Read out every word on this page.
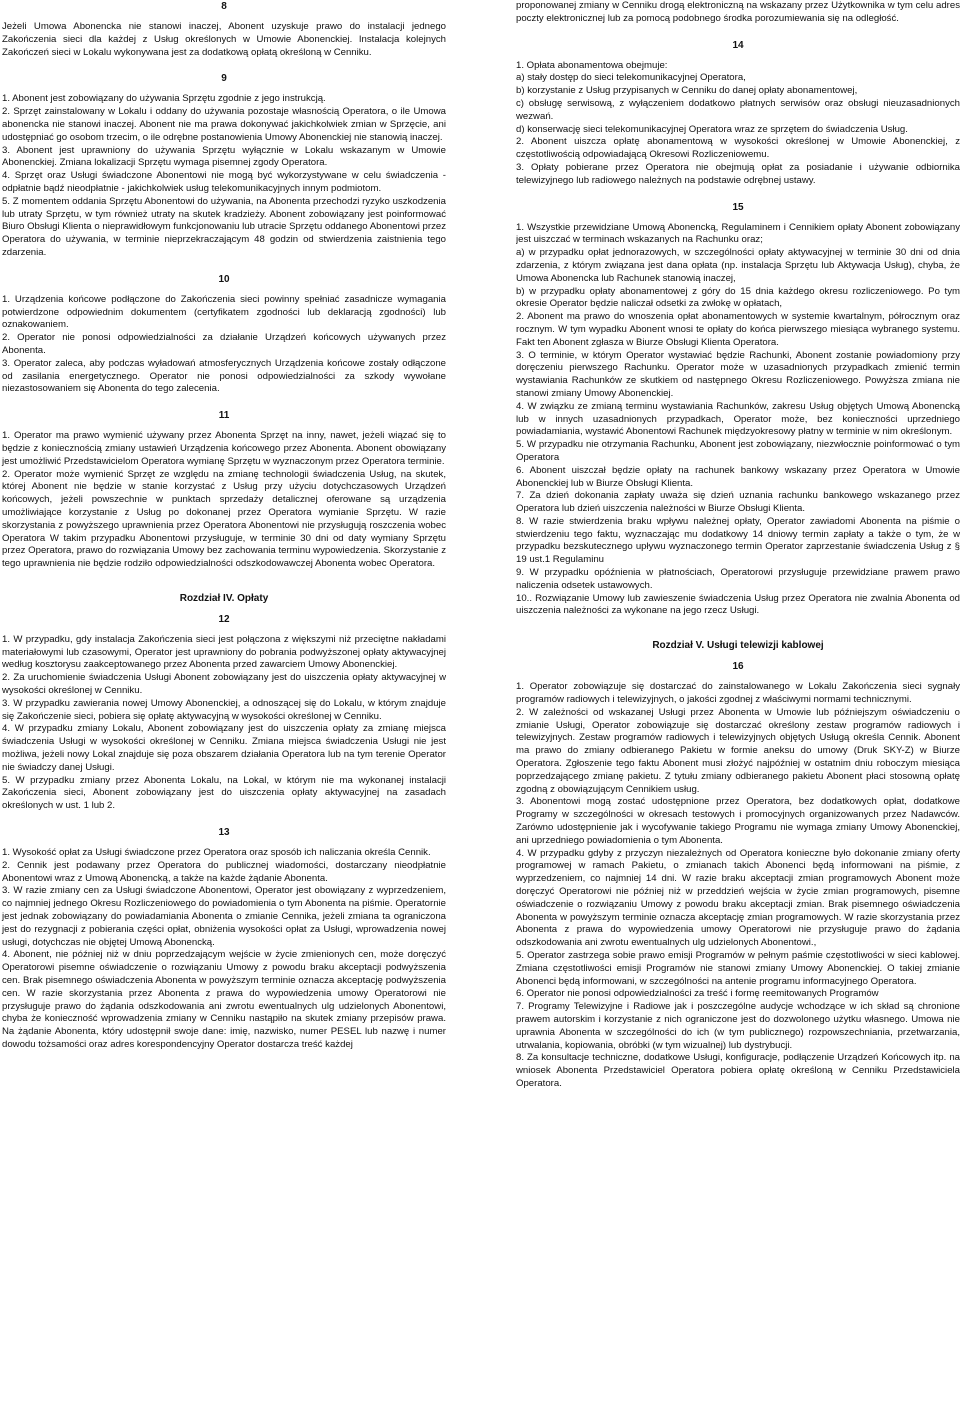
8

Jeżeli Umowa Abonencka nie stanowi inaczej, Abonent uzyskuje prawo do instalacji jednego Zakończenia sieci dla każdej z Usług określonych w Umowie Abonenckiej. Instalacja kolejnych Zakończeń sieci w Lokalu wykonywana jest za dodatkową opłatą określoną w Cenniku.

9

1. Abonent jest zobowiązany do używania Sprzętu zgodnie z jego instrukcją.

2. Sprzęt zainstalowany w Lokalu i oddany do używania pozostaje własnością Operatora, o ile Umowa abonencka nie stanowi inaczej. Abonent nie ma prawa dokonywać jakichkolwiek zmian w Sprzęcie, ani udostępniać go osobom trzecim, o ile odrębne postanowienia Umowy Abonenckiej nie stanowią inaczej.

3. Abonent jest uprawniony do używania Sprzętu wyłącznie w Lokalu wskazanym w Umowie Abonenckiej. Zmiana lokalizacji Sprzętu wymaga pisemnej zgody Operatora.

4. Sprzęt oraz Usługi świadczone Abonentowi nie mogą być wykorzystywane w celu świadczenia - odpłatnie bądź nieodpłatnie - jakichkolwiek usług telekomunikacyjnych innym podmiotom.

5. Z momentem oddania Sprzętu Abonentowi do używania, na Abonenta przechodzi ryzyko uszkodzenia lub utraty Sprzętu, w tym również utraty na skutek kradzieży. Abonent zobowiązany jest poinformować Biuro Obsługi Klienta o nieprawidłowym funkcjonowaniu lub utracie Sprzętu oddanego Abonentowi przez Operatora do używania, w terminie nieprzekraczającym 48 godzin od stwierdzenia zaistnienia tego zdarzenia.

10

1. Urządzenia końcowe podłączone do Zakończenia sieci powinny spełniać zasadnicze wymagania potwierdzone odpowiednim dokumentem (certyfikatem zgodności lub deklaracją zgodności) lub oznakowaniem.

2. Operator nie ponosi odpowiedzialności za działanie Urządzeń końcowych używanych przez Abonenta.

3. Operator zaleca, aby podczas wyładowań atmosferycznych Urządzenia końcowe zostały odłączone od zasilania energetycznego. Operator nie ponosi odpowiedzialności za szkody wywołane niezastosowaniem się Abonenta do tego zalecenia.

11

1. Operator ma prawo wymienić używany przez Abonenta Sprzęt na inny, nawet, jeżeli wiązać się to będzie z koniecznością zmiany ustawień Urządzenia końcowego przez Abonenta. Abonent obowiązany jest umożliwić Przedstawicielom Operatora wymianę Sprzętu w wyznaczonym przez Operatora terminie.

2. Operator może wymienić Sprzęt ze względu na zmianę technologii świadczenia Usług, na skutek, której Abonent nie będzie w stanie korzystać z Usług przy użyciu dotychczasowych Urządzeń końcowych, jeżeli powszechnie w punktach sprzedaży detalicznej oferowane są urządzenia umożliwiające korzystanie z Usług po dokonanej przez Operatora wymianie Sprzętu. W razie skorzystania z powyższego uprawnienia przez Operatora Abonentowi nie przysługują roszczenia wobec Operatora W takim przypadku Abonentowi przysługuje, w terminie 30 dni od daty wymiany Sprzętu przez Operatora, prawo do rozwiązania Umowy bez zachowania terminu wypowiedzenia. Skorzystanie z tego uprawnienia nie będzie rodziło odpowiedzialności odszkodowawczej Abonenta wobec Operatora.

Rozdział IV. Opłaty

12

1. W przypadku, gdy instalacja Zakończenia sieci jest połączona z większymi niż przeciętne nakładami materiałowymi lub czasowymi, Operator jest uprawniony do pobrania podwyższonej opłaty aktywacyjnej według kosztorysu zaakceptowanego przez Abonenta przed zawarciem Umowy Abonenckiej.

2. Za uruchomienie świadczenia Usługi Abonent zobowiązany jest do uiszczenia opłaty aktywacyjnej w wysokości określonej w Cenniku.

3. W przypadku zawierania nowej Umowy Abonenckiej, a odnoszącej się do Lokalu, w którym znajduje się Zakończenie sieci, pobiera się opłatę aktywacyjną w wysokości określonej w Cenniku.

4. W przypadku zmiany Lokalu, Abonent zobowiązany jest do uiszczenia opłaty za zmianę miejsca świadczenia Usługi w wysokości określonej w Cenniku. Zmiana miejsca świadczenia Usługi nie jest możliwa, jeżeli nowy Lokal znajduje się poza obszarem działania Operatora lub na tym terenie Operator nie świadczy danej Usługi.

5. W przypadku zmiany przez Abonenta Lokalu, na Lokal, w którym nie ma wykonanej instalacji Zakończenia sieci, Abonent zobowiązany jest do uiszczenia opłaty aktywacyjnej na zasadach określonych w ust. 1 lub 2.

13

1. Wysokość opłat za Usługi świadczone przez Operatora oraz sposób ich naliczania określa Cennik.

2. Cennik jest podawany przez Operatora do publicznej wiadomości, dostarczany nieodpłatnie Abonentowi wraz z Umową Abonencką, a także na każde żądanie Abonenta.

3. W razie zmiany cen za Usługi świadczone Abonentowi, Operator jest obowiązany z wyprzedzeniem, co najmniej jednego Okresu Rozliczeniowego do powiadomienia o tym Abonenta na piśmie. Operatornie jest jednak zobowiązany do powiadamiania Abonenta o zmianie Cennika, jeżeli zmiana ta ograniczona jest do rezygnacji z pobierania części opłat, obniżenia wysokości opłat za Usługi, wprowadzenia nowej usługi, dotychczas nie objętej Umową Abonencką.

4. Abonent, nie później niż w dniu poprzedzającym wejście w życie zmienionych cen, może doręczyć Operatorowi pisemne oświadczenie o rozwiązaniu Umowy z powodu braku akceptacji podwyższenia cen. Brak pisemnego oświadczenia Abonenta w powyższym terminie oznacza akceptację podwyższenia cen. W razie skorzystania przez Abonenta z prawa do wypowiedzenia umowy Operatorowi nie przysługuje prawo do żądania odszkodowania ani zwrotu ewentualnych ulg udzielonych Abonentowi, chyba że konieczność wprowadzenia zmiany w Cenniku nastąpiło na skutek zmiany przepisów prawa. Na żądanie Abonenta, który udostępnił swoje dane: imię, nazwisko, numer PESEL lub nazwę i numer dowodu tożsamości oraz adres korespondencyjny Operator dostarcza treść każdej

proponowanej zmiany w Cenniku drogą elektroniczną na wskazany przez Użytkownika w tym celu adres poczty elektronicznej lub za pomocą podobnego środka porozumiewania się na odległość.

14

1. Opłata abonamentowa obejmuje:

a) stały dostęp do sieci telekomunikacyjnej Operatora,

b) korzystanie z Usług przypisanych w Cenniku do danej opłaty abonamentowej,

c) obsługę serwisową, z wyłączeniem dodatkowo płatnych serwisów oraz obsługi nieuzasadnionych wezwań.

d) konserwację sieci telekomunikacyjnej Operatora wraz ze sprzętem do świadczenia Usług.

2. Abonent uiszcza opłatę abonamentową w wysokości określonej w Umowie Abonenckiej, z częstotliwością odpowiadającą Okresowi Rozliczeniowemu.

3. Opłaty pobierane przez Operatora nie obejmują opłat za posiadanie i używanie odbiornika telewizyjnego lub radiowego należnych na podstawie odrębnej ustawy.

15

1. Wszystkie przewidziane Umową Abonencką, Regulaminem i Cennikiem opłaty Abonent zobowiązany jest uiszczać w terminach wskazanych na Rachunku oraz;

a) w przypadku opłat jednorazowych, w szczególności opłaty aktywacyjnej w terminie 30 dni od dnia zdarzenia, z którym związana jest dana opłata (np. instalacja Sprzętu lub Aktywacja Usług), chyba, że Umowa Abonencka lub Rachunek stanowią inaczej,

b) w przypadku opłaty abonamentowej z góry do 15 dnia każdego okresu rozliczeniowego. Po tym okresie Operator będzie naliczał odsetki za zwłokę w opłatach,

2. Abonent ma prawo do wnoszenia opłat abonamentowych w systemie kwartalnym, półrocznym oraz rocznym. W tym wypadku Abonent wnosi te opłaty do końca pierwszego miesiąca wybranego systemu. Fakt ten Abonent zgłasza w Biurze Obsługi Klienta Operatora.

3. O terminie, w którym Operator wystawiać będzie Rachunki, Abonent zostanie powiadomiony przy doręczeniu pierwszego Rachunku. Operator może w uzasadnionych przypadkach zmienić termin wystawiania Rachunków ze skutkiem od następnego Okresu Rozliczeniowego. Powyższa zmiana nie stanowi zmiany Umowy Abonenckiej.

4. W związku ze zmianą terminu wystawiania Rachunków, zakresu Usług objętych Umową Abonencką lub w innych uzasadnionych przypadkach, Operator może, bez konieczności uprzedniego powiadamiania, wystawić Abonentowi Rachunek międzyokresowy płatny w terminie w nim określonym.

5. W przypadku nie otrzymania Rachunku, Abonent jest zobowiązany, niezwłocznie poinformować o tym Operatora

6. Abonent uiszczał będzie opłaty na rachunek bankowy wskazany przez Operatora w Umowie Abonenckiej lub w Biurze Obsługi Klienta.

7. Za dzień dokonania zapłaty uważa się dzień uznania rachunku bankowego wskazanego przez Operatora lub dzień uiszczenia należności w Biurze Obsługi Klienta.

8. W razie stwierdzenia braku wpływu należnej opłaty, Operator zawiadomi Abonenta na piśmie o stwierdzeniu tego faktu, wyznaczając mu dodatkowy 14 dniowy termin zapłaty a także o tym, że w przypadku bezskutecznego upływu wyznaczonego termin Operator zaprzestanie świadczenia Usług z § 19 ust.1 Regulaminu

9. W przypadku opóźnienia w płatnościach, Operatorowi przysługuje przewidziane prawem prawo naliczenia odsetek ustawowych.

10.. Rozwiązanie Umowy lub zawieszenie świadczenia Usług przez Operatora nie zwalnia Abonenta od uiszczenia należności za wykonane na jego rzecz Usługi.

Rozdział V. Usługi telewizji kablowej

16

1. Operator zobowiązuje się dostarczać do zainstalowanego w Lokalu Zakończenia sieci sygnały programów radiowych i telewizyjnych, o jakości zgodnej z właściwymi normami technicznymi.

2. W zależności od wskazanej Usługi przez Abonenta w Umowie lub późniejszym oświadczeniu o zmianie Usługi, Operator zobowiązuje się dostarczać określony zestaw programów radiowych i telewizyjnych. Zestaw programów radiowych i telewizyjnych objętych Usługą określa Cennik. Abonent ma prawo do zmiany odbieranego Pakietu w formie aneksu do umowy (Druk SKY-Z) w Biurze Operatora. Zgłoszenie tego faktu Abonent musi złożyć najpóźniej w ostatnim dniu roboczym miesiąca poprzedzającego zmianę pakietu. Z tytułu zmiany odbieranego pakietu Abonent płaci stosowną opłatę zgodną z obowiązującym Cennikiem usług.

3. Abonentowi mogą zostać udostępnione przez Operatora, bez dodatkowych opłat, dodatkowe Programy w szczególności w okresach testowych i promocyjnych organizowanych przez Nadawców. Zarówno udostępnienie jak i wycofywanie takiego Programu nie wymaga zmiany Umowy Abonenckiej, ani uprzedniego powiadomienia o tym Abonenta.

4. W przypadku gdyby z przyczyn niezależnych od Operatora konieczne było dokonanie zmiany oferty programowej w ramach Pakietu, o zmianach takich Abonenci będą informowani na piśmie, z wyprzedzeniem, co najmniej 14 dni. W razie braku akceptacji zmian programowych Abonent może doręczyć Operatorowi nie później niż w przeddzień wejścia w życie zmian programowych, pisemne oświadczenie o rozwiązaniu Umowy z powodu braku akceptacji zmian. Brak pisemnego oświadczenia Abonenta w powyższym terminie oznacza akceptację zmian programowych. W razie skorzystania przez Abonenta z prawa do wypowiedzenia umowy Operatorowi nie przysługuje prawo do żądania odszkodowania ani zwrotu ewentualnych ulg udzielonych Abonentowi.,

5. Operator zastrzega sobie prawo emisji Programów w pełnym paśmie częstotliwości w sieci kablowej. Zmiana częstotliwości emisji Programów nie stanowi zmiany Umowy Abonenckiej. O takiej zmianie Abonenci będą informowani, w szczególności na antenie programu informacyjnego Operatora.

6. Operator nie ponosi odpowiedzialności za treść i formę reemitowanych Programów

7. Programy Telewizyjne i Radiowe jak i poszczególne audycje wchodzące w ich skład są chronione prawem autorskim i korzystanie z nich ograniczone jest do dozwolonego użytku własnego. Umowa nie uprawnia Abonenta w szczególności do ich (w tym publicznego) rozpowszechniania, przetwarzania, utrwalania, kopiowania, obróbki (w tym wizualnej) lub dystrybucji.

8. Za konsultacje techniczne, dodatkowe Usługi, konfiguracje, podłączenie Urządzeń Końcowych itp. na wniosek Abonenta Przedstawiciel Operatora pobiera opłatę określoną w Cenniku Przedstawiciela Operatora.
